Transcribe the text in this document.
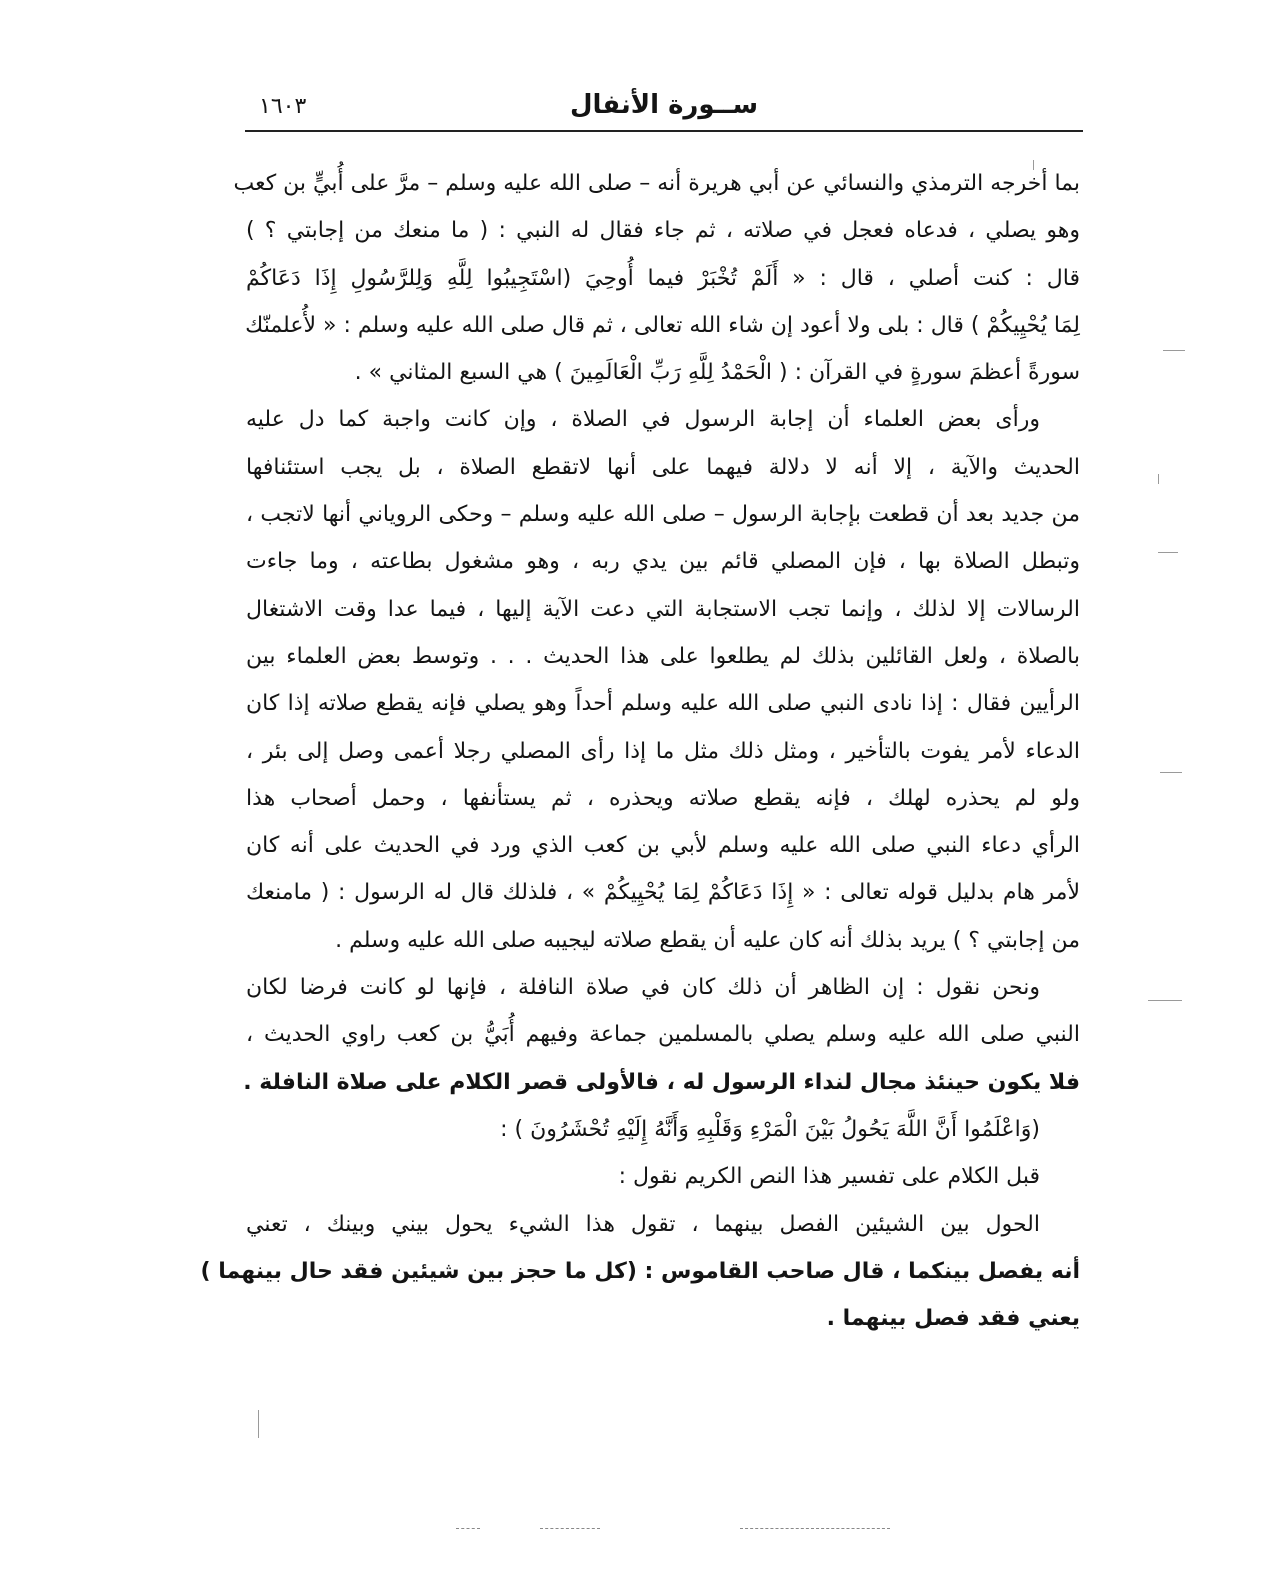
١٦٠٣	ســورة الأنفال
بما أخرجه الترمذي والنسائي عن أبي هريرة أنه – صلى الله عليه وسلم – مرَّ على أُبيٍّ بن كعب
وهو يصلي ، فدعاه فعجل في صلاته ، ثم جاء فقال له النبي : ( ما منعك من إجابتي ؟ )
قال : كنت أصلي ، قال : « أَلَمْ تُخْبَرْ فيما أُوحِيَ (اسْتَجِيبُوا لِلَّهِ وَلِلرَّسُولِ إِذَا دَعَاكُمْ
لِمَا يُحْيِيكُمْ ) قال : بلى ولا أعود إن شاء الله تعالى ، ثم قال صلى الله عليه وسلم : « لأُعلمنّك
سورةً أعظمَ سورةٍ في القرآن : ( الْحَمْدُ لِلَّهِ رَبِّ الْعَالَمِينَ ) هي السبع المثاني » .
ورأى بعض العلماء أن إجابة الرسول في الصلاة ، وإن كانت واجبة كما دل عليه
الحديث والآية ، إلا أنه لا دلالة فيهما على أنها لاتقطع الصلاة ، بل يجب استئنافها
من جديد بعد أن قطعت بإجابة الرسول – صلى الله عليه وسلم – وحكى الروياني أنها لاتجب ،
وتبطل الصلاة بها ، فإن المصلي قائم بين يدي ربه ، وهو مشغول بطاعته ، وما جاءت
الرسالات إلا لذلك ، وإنما تجب الاستجابة التي دعت الآية إليها ، فيما عدا وقت الاشتغال
بالصلاة ، ولعل القائلين بذلك لم يطلعوا على هذا الحديث . . . وتوسط بعض العلماء بين
الرأيين فقال : إذا نادى النبي صلى الله عليه وسلم أحداً وهو يصلي فإنه يقطع صلاته إذا كان
الدعاء لأمر يفوت بالتأخير ، ومثل ذلك مثل ما إذا رأى المصلي رجلا أعمى وصل إلى بئر ،
ولو لم يحذره لهلك ، فإنه يقطع صلاته ويحذره ، ثم يستأنفها ، وحمل أصحاب هذا
الرأي دعاء النبي صلى الله عليه وسلم لأبي بن كعب الذي ورد في الحديث على أنه كان
لأمر هام بدليل قوله تعالى : « إِذَا دَعَاكُمْ لِمَا يُحْيِيكُمْ » ، فلذلك قال له الرسول : ( مامنعك
من إجابتي ؟ ) يريد بذلك أنه كان عليه أن يقطع صلاته ليجيبه صلى الله عليه وسلم .
ونحن نقول : إن الظاهر أن ذلك كان في صلاة النافلة ، فإنها لو كانت فرضا لكان
النبي صلى الله عليه وسلم يصلي بالمسلمين جماعة وفيهم أُبَيُّ بن كعب راوي الحديث ،
فلا يكون حينئذ مجال لنداء الرسول له ، فالأولى قصر الكلام على صلاة النافلة .
(وَاعْلَمُوا أَنَّ اللَّهَ يَحُولُ بَيْنَ الْمَرْءِ وَقَلْبِهِ وَأَنَّهُ إِلَيْهِ تُحْشَرُونَ ) :
قبل الكلام على تفسير هذا النص الكريم نقول :
الحول بين الشيئين الفصل بينهما ، تقول هذا الشيء يحول بيني وبينك ، تعني
أنه يفصل بينكما ، قال صاحب القاموس : (كل ما حجز بين شيئين فقد حال بينهما )
يعني فقد فصل بينهما .
